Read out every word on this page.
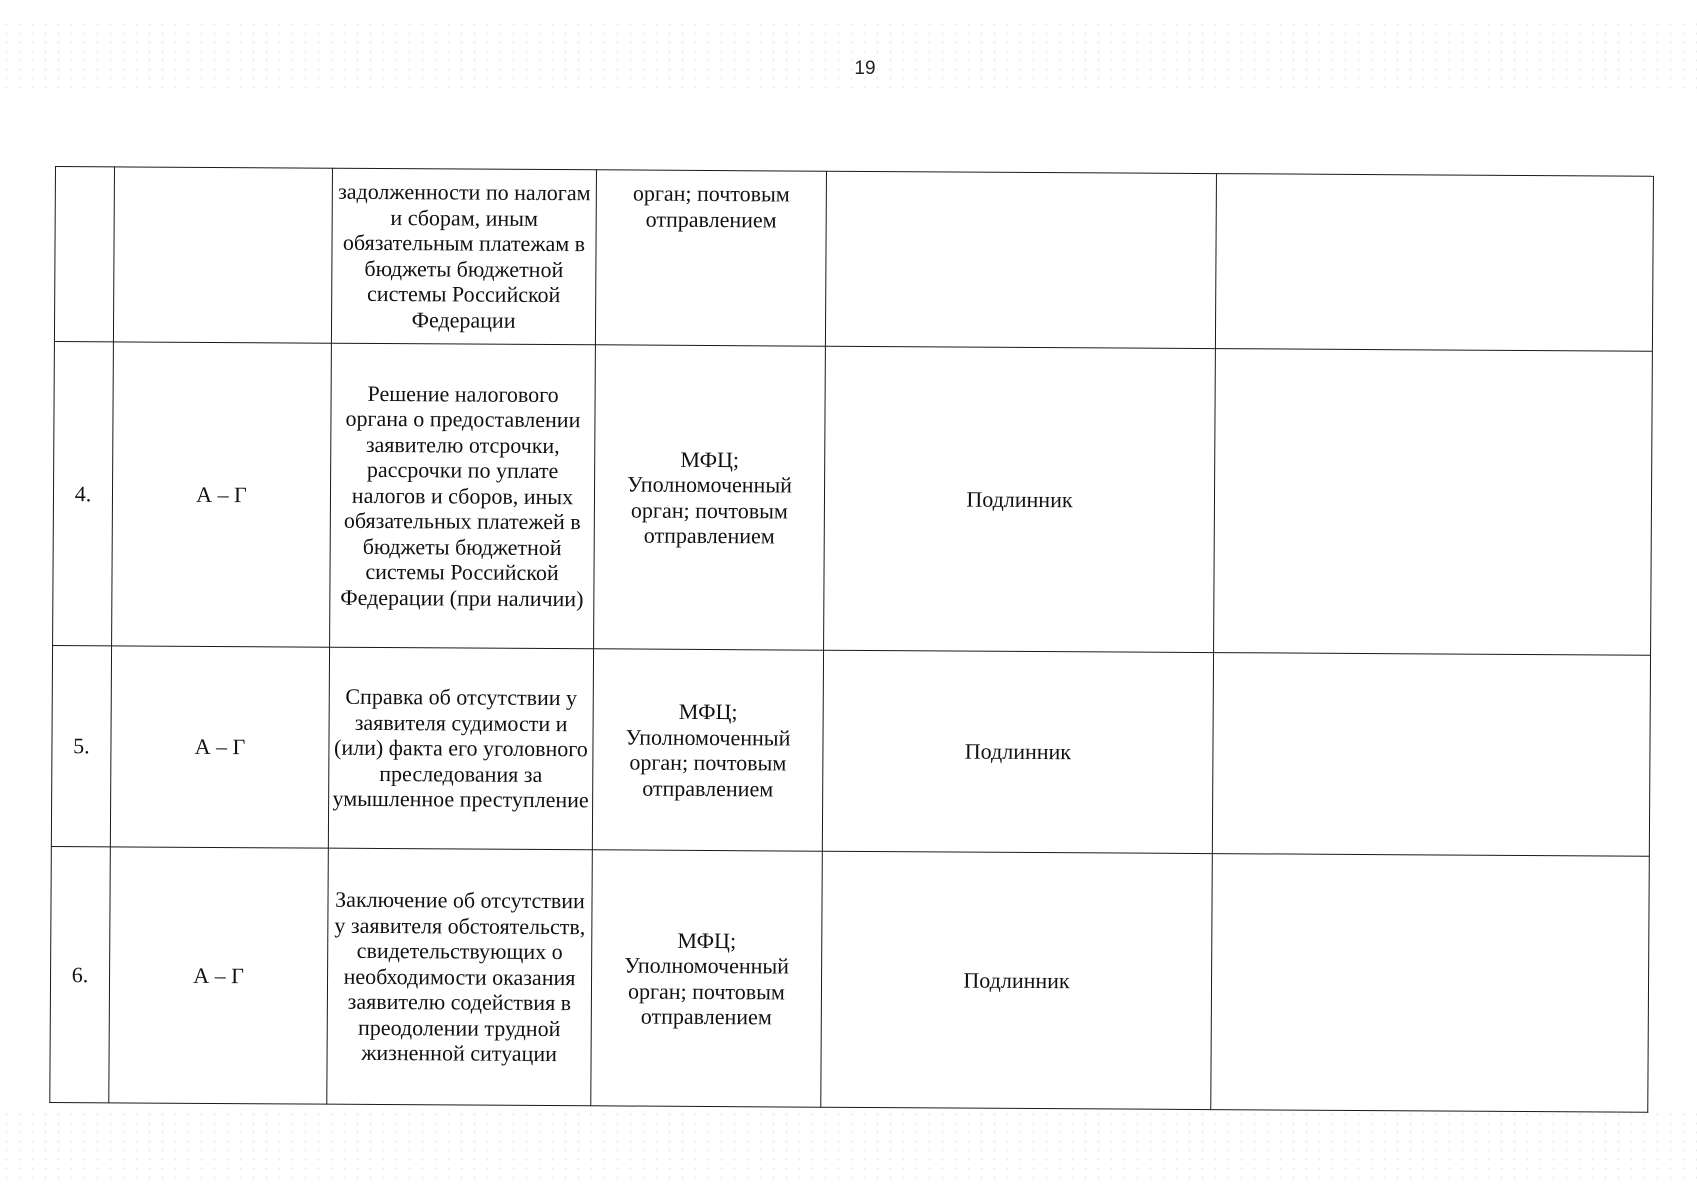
19
		задолженности по налогам и сборам, иным обязательным платежам в бюджеты бюджетной системы Российской Федерации	орган; почтовым отправлением		
4.	А – Г	Решение налогового органа о предоставлении заявителю отсрочки, рассрочки по уплате налогов и сборов, иных обязательных платежей в бюджеты бюджетной системы Российской Федерации (при наличии)	МФЦ; Уполномоченный орган; почтовым отправлением	Подлинник	
5.	А – Г	Справка об отсутствии у заявителя судимости и (или) факта его уголовного преследования за умышленное преступление	МФЦ; Уполномоченный орган; почтовым отправлением	Подлинник	
6.	А – Г	Заключение об отсутствии у заявителя обстоятельств, свидетельствующих о необходимости оказания заявителю содействия в преодолении трудной жизненной ситуации	МФЦ; Уполномоченный орган; почтовым отправлением	Подлинник	
